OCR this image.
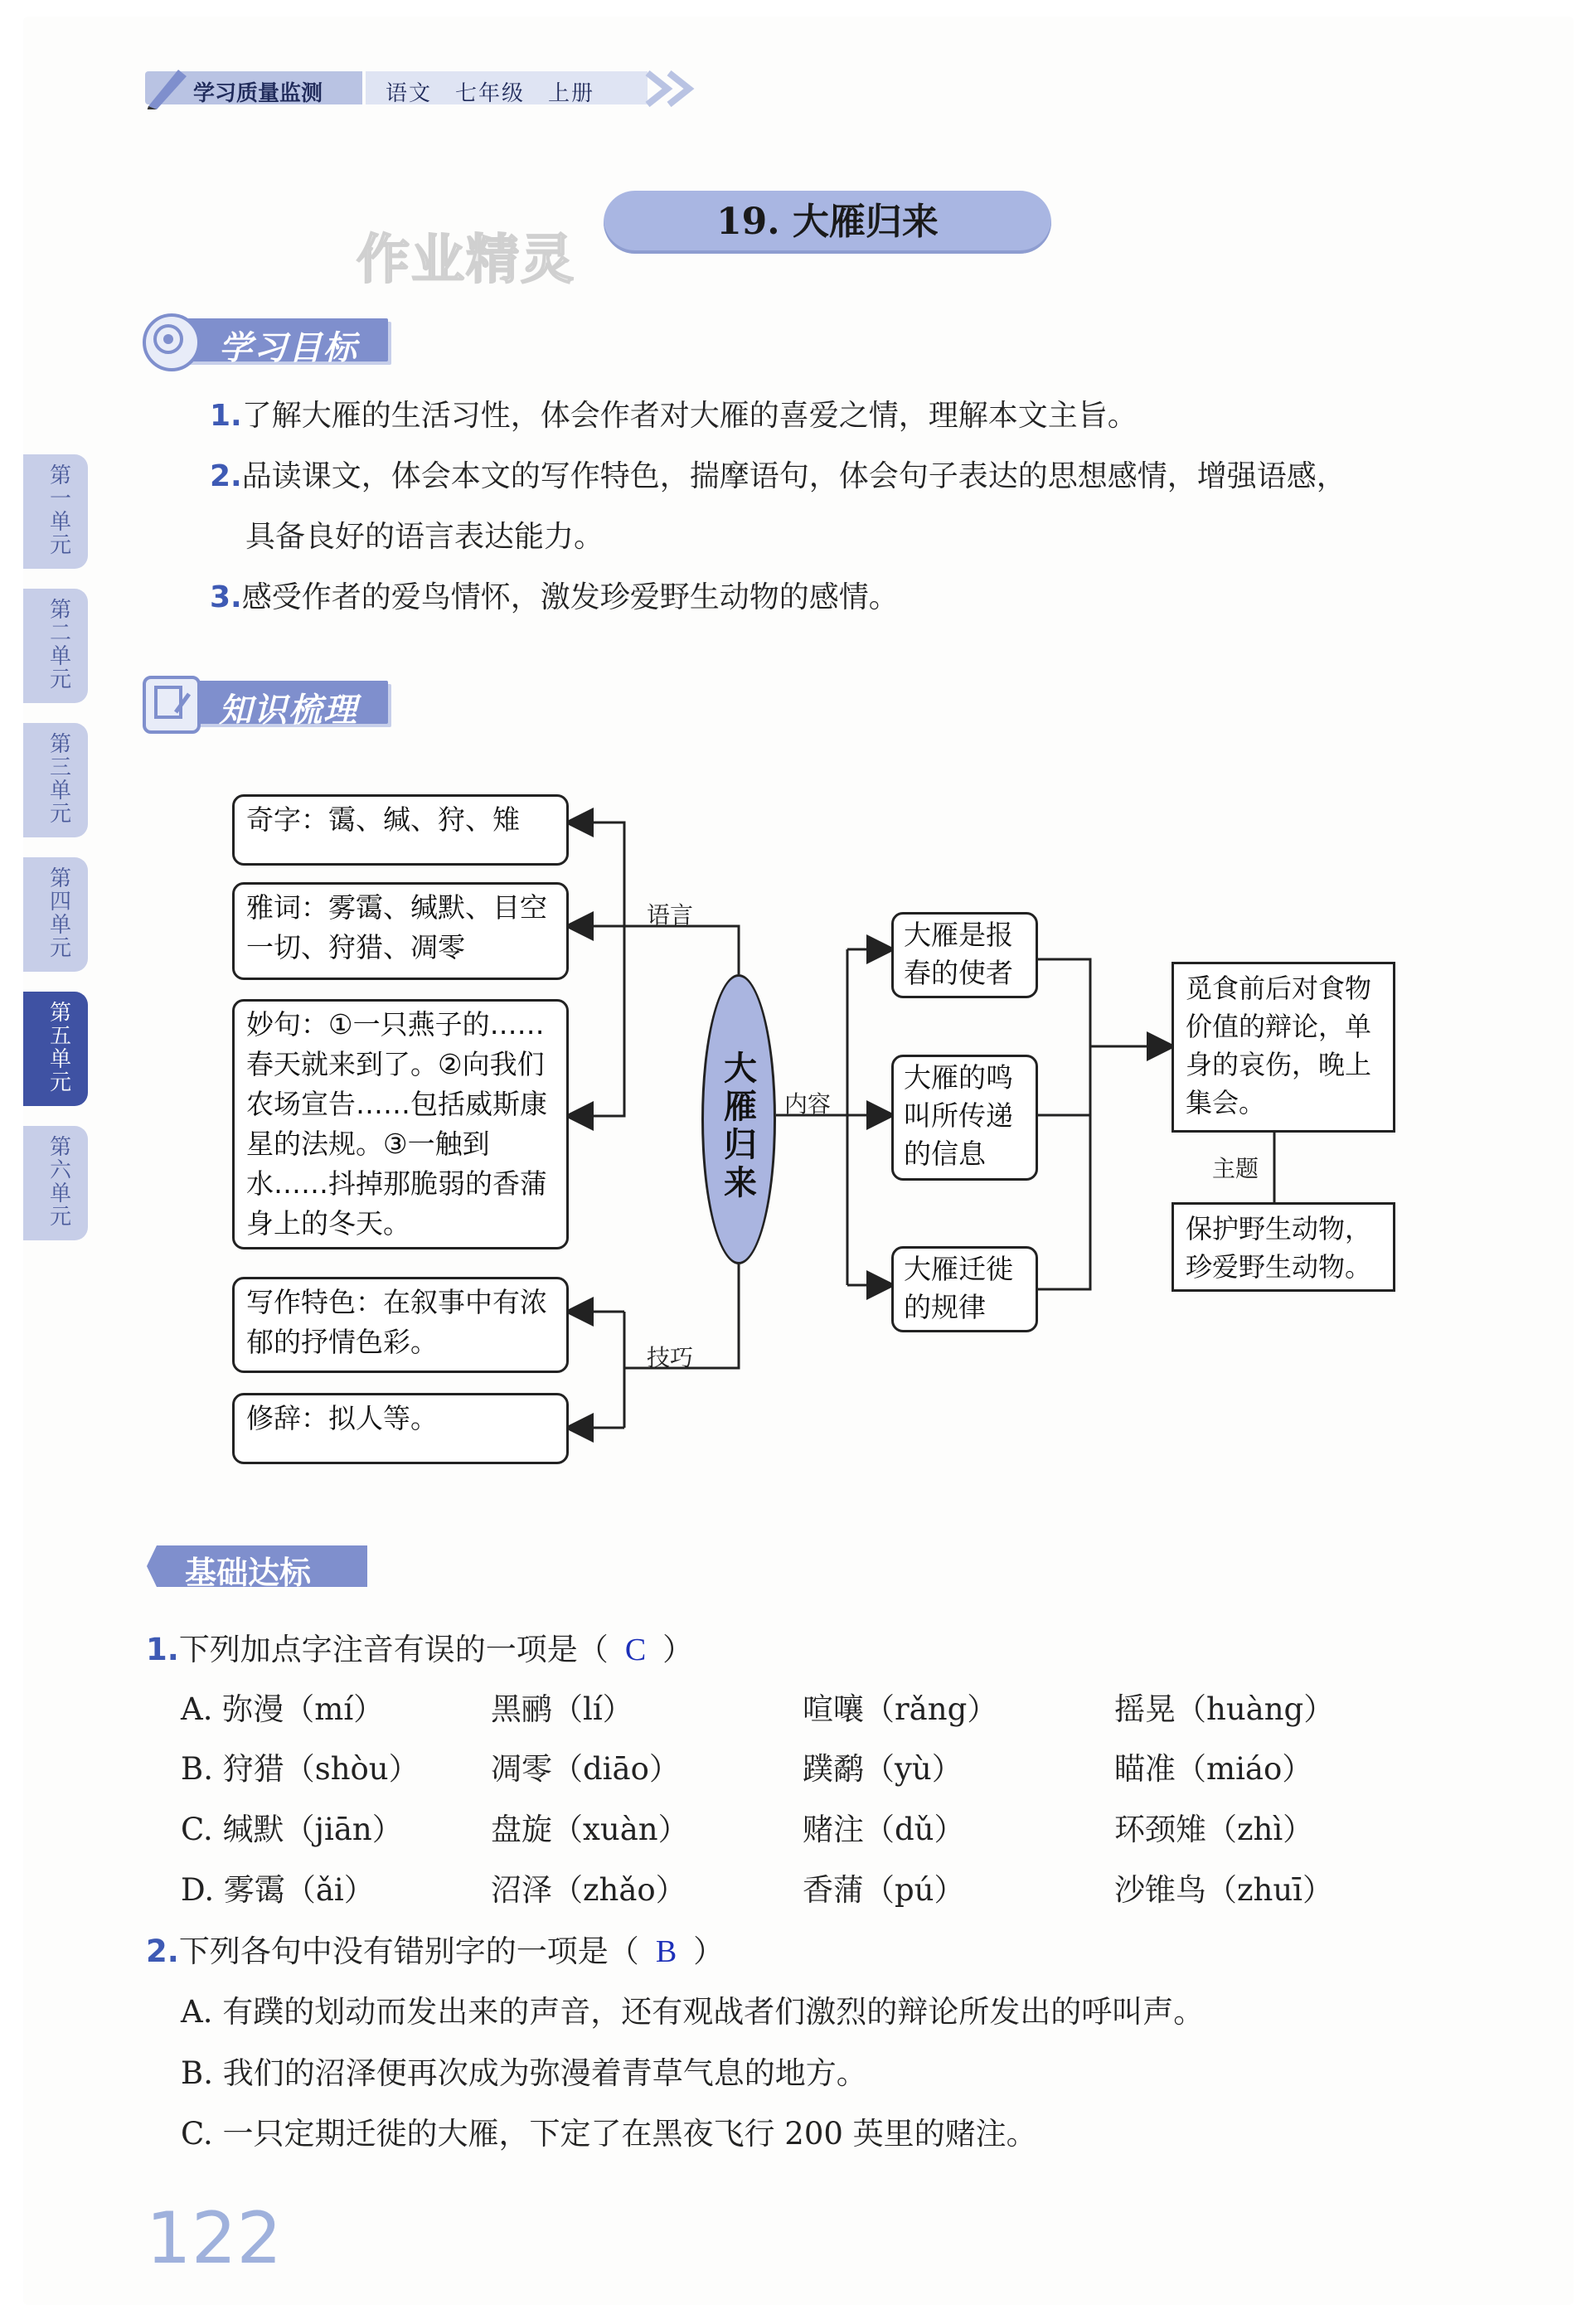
学习质量监测	语文　七年级　上册
作业精灵
19. 大雁归来
学习目标
1.了解大雁的生活习性，体会作者对大雁的喜爱之情，理解本文主旨。
2.品读课文，体会本文的写作特色，揣摩语句，体会句子表达的思想感情，增强语感，
具备良好的语言表达能力。
3.感受作者的爱鸟情怀，激发珍爱野生动物的感情。
第一单元
第二单元
第三单元
第四单元
第五单元
第六单元
知识梳理
奇字：霭、缄、狩、雉
雅词：雾霭、缄默、目空一切、狩猎、凋零
妙句：①一只燕子的……春天就来到了。②向我们农场宣告……包括威斯康星的法规。③一触到水……抖掉那脆弱的香蒲身上的冬天。
写作特色：在叙事中有浓郁的抒情色彩。
修辞：拟人等。
语言
技巧
内容
主题
大雁归来
大雁是报春的使者
大雁的鸣叫所传递的信息
大雁迁徙的规律
觅食前后对食物价值的辩论，单身的哀伤，晚上集会。
保护野生动物，珍爱野生动物。
基础达标
1.下列加点字注音有误的一项是（ C ）
A. 弥漫（mí）	黑鹂（lí）	喧嚷（rǎng）	摇晃（huàng）
B. 狩猎（shòu） 凋零（diāo）	蹼鹬（yù）	瞄准（miáo）
C. 缄默（jiān）	盘旋（xuàn）	赌注（dǔ）	环颈雉（zhì）
D. 雾霭（ǎi）	沼泽（zhǎo）	香蒲（pú）	沙锥鸟（zhuī）
2.下列各句中没有错别字的一项是（ B ）
A. 有蹼的划动而发出来的声音，还有观战者们激烈的辩论所发出的呼叫声。
B. 我们的沼泽便再次成为弥漫着青草气息的地方。
C. 一只定期迁徙的大雁，下定了在黑夜飞行 200 英里的赌注。
122
